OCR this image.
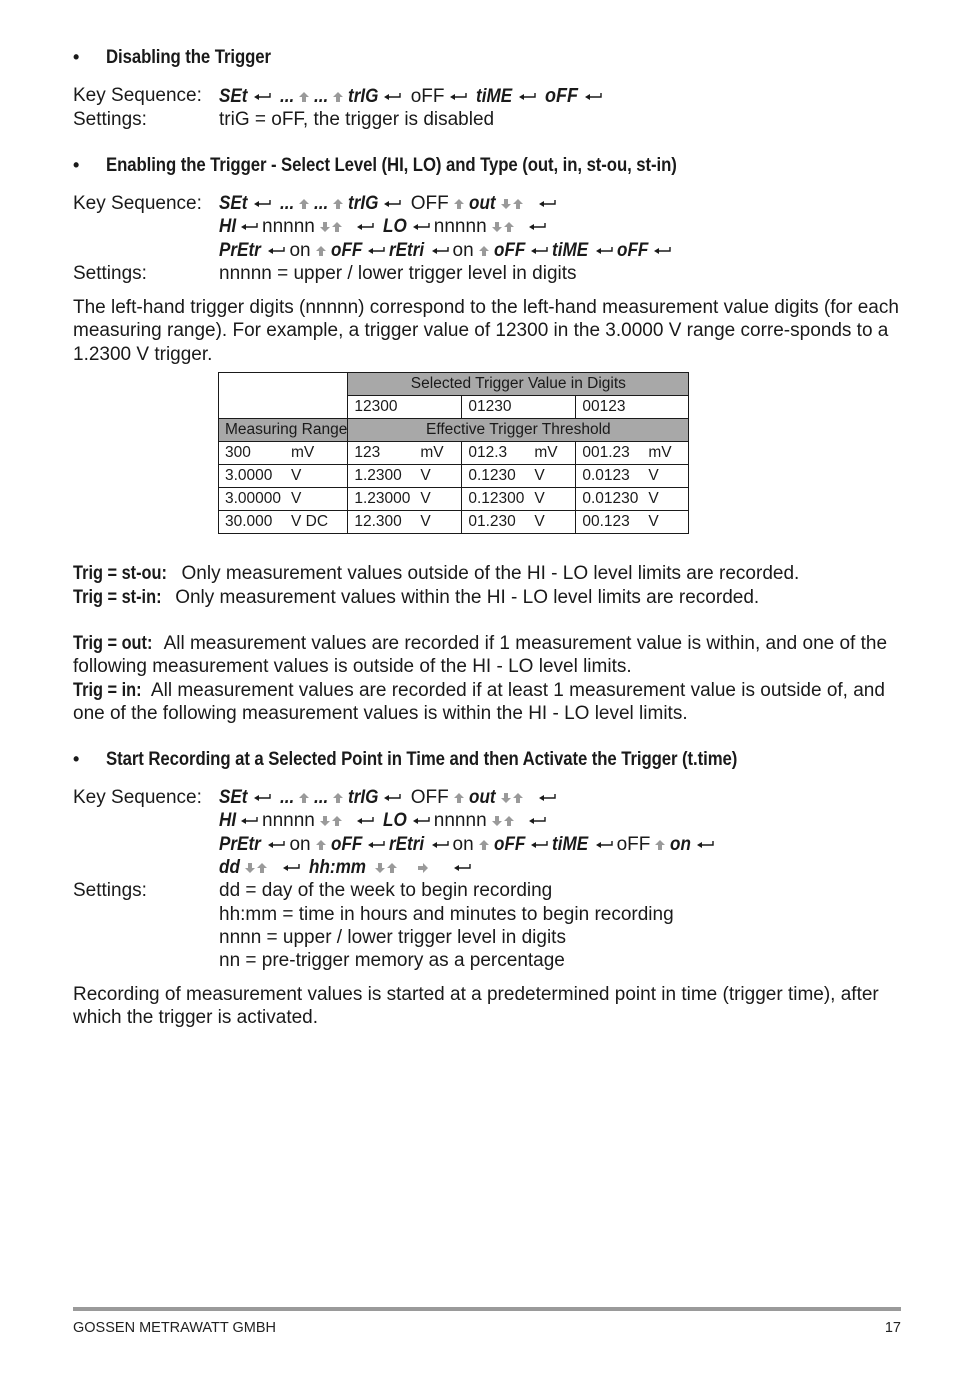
• Disabling the Trigger
Key Sequence: SEt ... ... trIG oFF tiME oFF
Settings:	triG = oFF, the trigger is disabled
• Enabling the Trigger - Select Level (HI, LO) and Type (out, in, st-ou, st-in)
Key Sequence: SEt ... ... trIG OFF out
HI nnnnn	LO nnnnn
PrEtr on oFF rEtri on oFF tiME oFF
Settings:	nnnnn = upper / lower trigger level in digits
The left-hand trigger digits (nnnnn) correspond to the left-hand measurement value digits (for each measuring range). For example, a trigger value of 12300 in the 3.0000 V range corre-sponds to a 1.2300 V trigger.
	Selected Trigger Value in Digits		
	12300	01230	00123
Measuring Range	Effective Trigger Threshold		
300 mV	123 mV	012.3 mV	001.23 mV
3.0000 V	1.2300 V	0.1230 V	0.0123 V
3.00000 V	1.23000 V	0.12300 V	0.01230 V
30.000 V DC	12.300 V	01.230 V	00.123 V
Trig = st-ou: Only measurement values outside of the HI - LO level limits are recorded.
Trig = st-in: Only measurement values within the HI - LO level limits are recorded.
Trig = out: All measurement values are recorded if 1 measurement value is within, and one of the following measurement values is outside of the HI - LO level limits.
Trig = in: All measurement values are recorded if at least 1 measurement value is outside of, and one of the following measurement values is within the HI - LO level limits.
• Start Recording at a Selected Point in Time and then Activate the Trigger (t.time)
Key Sequence: SEt ... ... trIG OFF out
HI nnnnn	LO nnnnn
PrEtr on oFF rEtri on oFF tiME oFF on
dd	hh:mm
Settings:	dd = day of the week to begin recording
hh:mm = time in hours and minutes to begin recording
nnnn = upper / lower trigger level in digits
nn = pre-trigger memory as a percentage
Recording of measurement values is started at a predetermined point in time (trigger time), after which the trigger is activated.
GOSSEN METRAWATT GMBH	17
